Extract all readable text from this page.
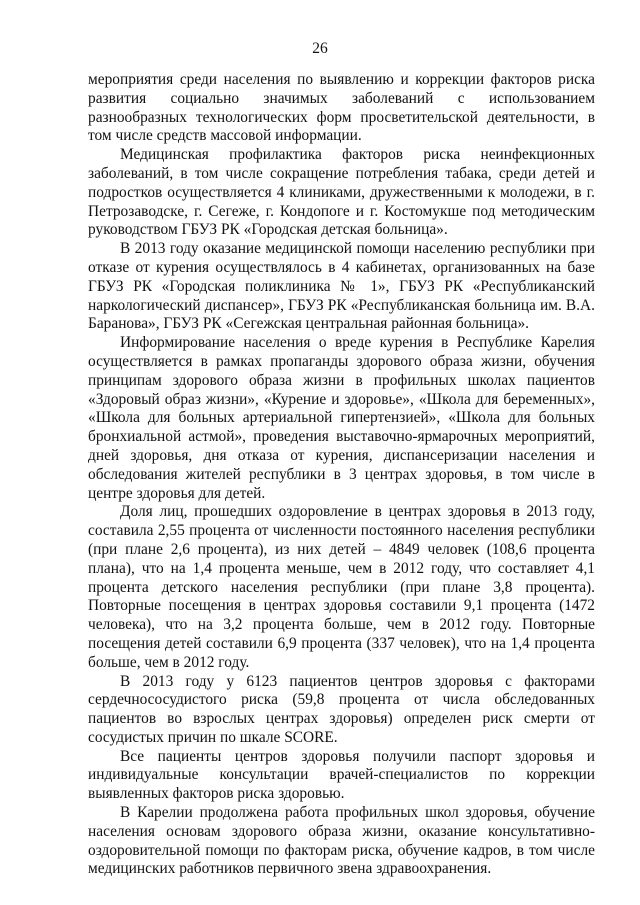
26

мероприятия среди населения по выявлению и коррекции факторов риска развития социально значимых заболеваний с использованием разнообразных технологических форм просветительской деятельности, в том числе средств массовой информации.

Медицинская профилактика факторов риска неинфекционных заболеваний, в том числе сокращение потребления табака, среди детей и подростков осуществляется 4 клиниками, дружественными к молодежи, в г. Петрозаводске, г. Сегеже, г. Кондопоге и г. Костомукше под методическим руководством ГБУЗ РК «Городская детская больница».

В 2013 году оказание медицинской помощи населению республики при отказе от курения осуществлялось в 4 кабинетах, организованных на базе ГБУЗ РК «Городская поликлиника № 1», ГБУЗ РК «Республиканский наркологический диспансер», ГБУЗ РК «Республиканская больница им. В.А. Баранова», ГБУЗ РК «Сегежская центральная районная больница».

Информирование населения о вреде курения в Республике Карелия осуществляется в рамках пропаганды здорового образа жизни, обучения принципам здорового образа жизни в профильных школах пациентов «Здоровый образ жизни», «Курение и здоровье», «Школа для беременных», «Школа для больных артериальной гипертензией», «Школа для больных бронхиальной астмой», проведения выставочно-ярмарочных мероприятий, дней здоровья, дня отказа от курения, диспансеризации населения и обследования жителей республики в 3 центрах здоровья, в том числе в центре здоровья для детей.

Доля лиц, прошедших оздоровление в центрах здоровья в 2013 году, составила 2,55 процента от численности постоянного населения республики (при плане 2,6 процента), из них детей – 4849 человек (108,6 процента плана), что на 1,4 процента меньше, чем в 2012 году, что составляет 4,1 процента детского населения республики (при плане 3,8 процента). Повторные посещения в центрах здоровья составили 9,1 процента (1472 человека), что на 3,2 процента больше, чем в 2012 году. Повторные посещения детей составили 6,9 процента (337 человек), что на 1,4 процента больше, чем в 2012 году.

В 2013 году у 6123 пациентов центров здоровья с факторами сердечнососудистого риска (59,8 процента от числа обследованных пациентов во взрослых центрах здоровья) определен риск смерти от сосудистых причин по шкале SCORE.

Все пациенты центров здоровья получили паспорт здоровья и индивидуальные консультации врачей-специалистов по коррекции выявленных факторов риска здоровью.

В Карелии продолжена работа профильных школ здоровья, обучение населения основам здорового образа жизни, оказание консультативно-оздоровительной помощи по факторам риска, обучение кадров, в том числе медицинских работников первичного звена здравоохранения.
